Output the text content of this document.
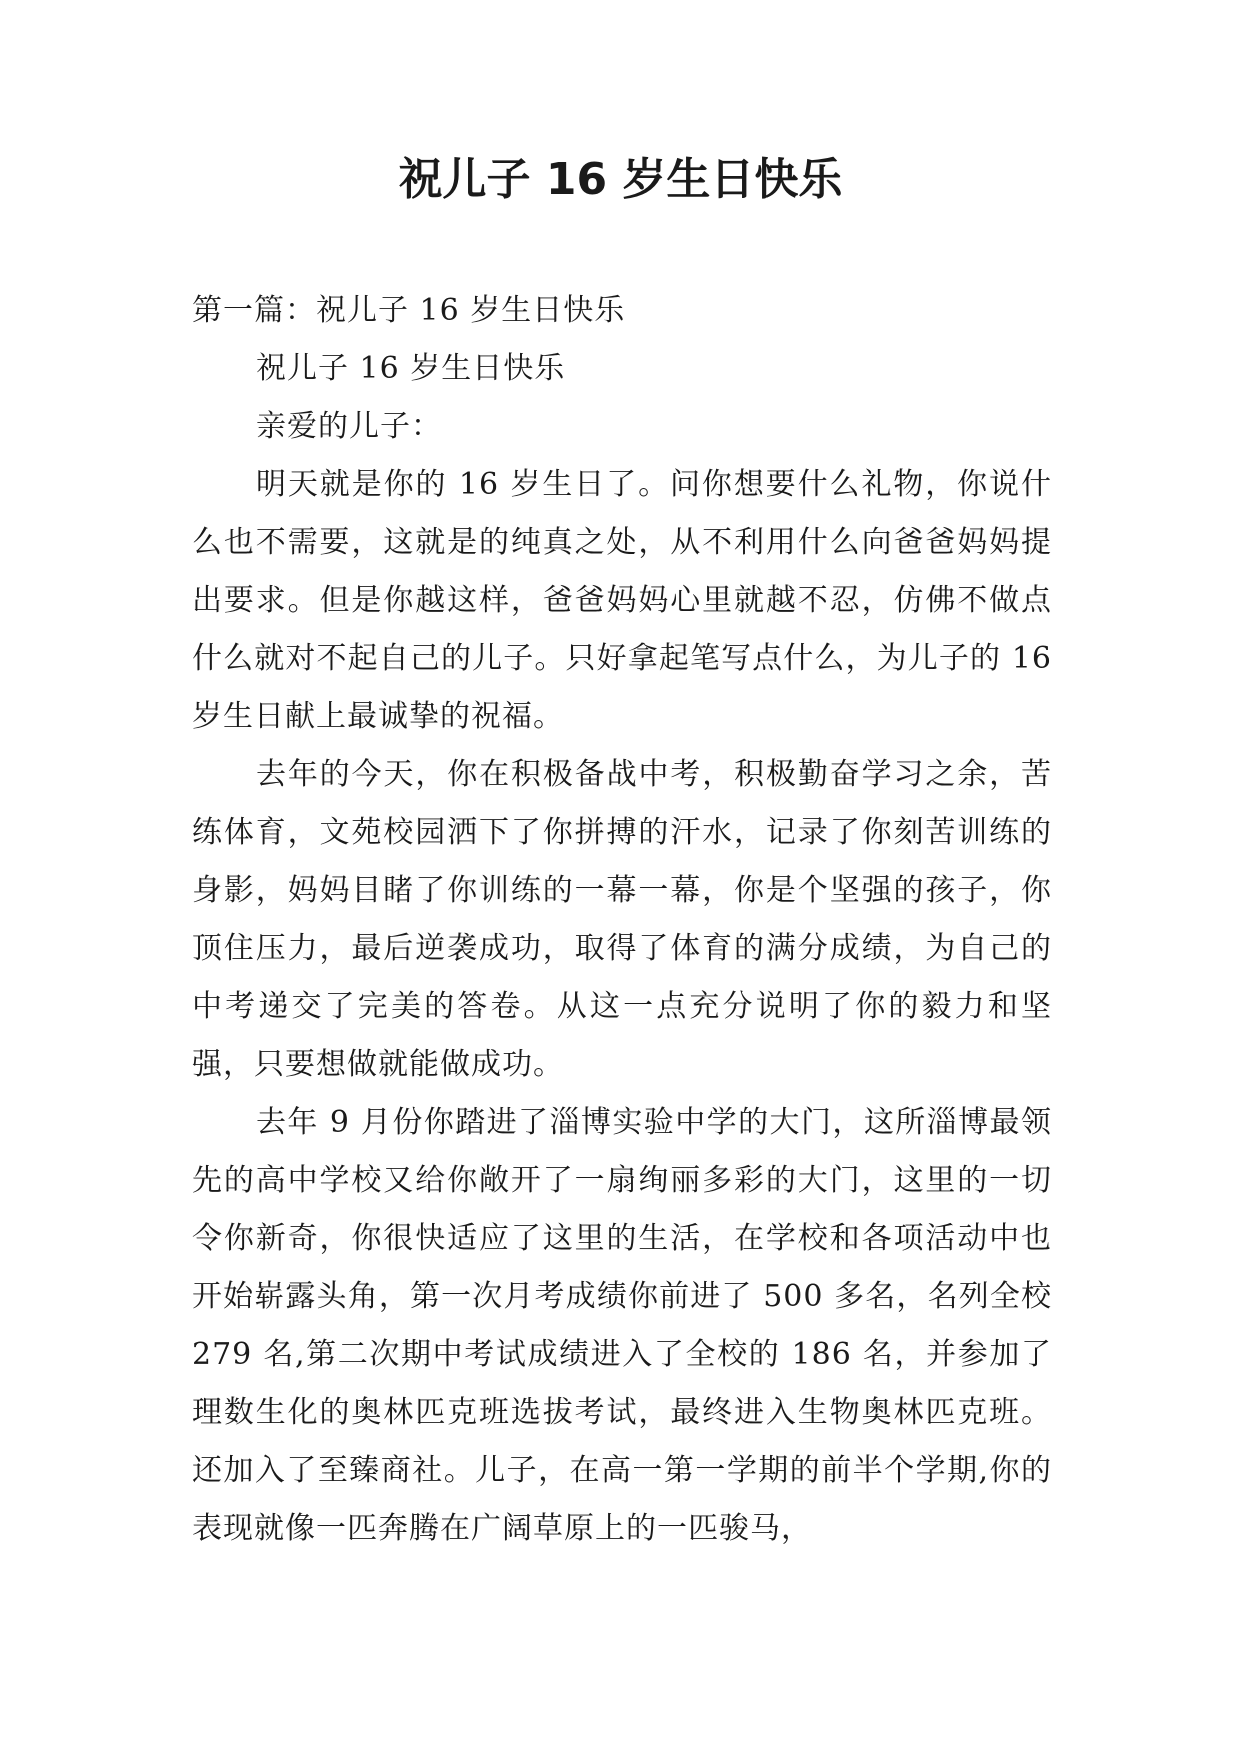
祝儿子 16 岁生日快乐

第一篇：祝儿子 16 岁生日快乐

祝儿子 16 岁生日快乐

亲爱的儿子：

明天就是你的 16 岁生日了。问你想要什么礼物，你说什么也不需要，这就是的纯真之处，从不利用什么向爸爸妈妈提出要求。但是你越这样，爸爸妈妈心里就越不忍，仿佛不做点什么就对不起自己的儿子。只好拿起笔写点什么，为儿子的 16 岁生日献上最诚挚的祝福。

去年的今天，你在积极备战中考，积极勤奋学习之余，苦练体育，文苑校园洒下了你拼搏的汗水，记录了你刻苦训练的身影，妈妈目睹了你训练的一幕一幕，你是个坚强的孩子，你顶住压力，最后逆袭成功，取得了体育的满分成绩，为自己的中考递交了完美的答卷。从这一点充分说明了你的毅力和坚强，只要想做就能做成功。

去年 9 月份你踏进了淄博实验中学的大门，这所淄博最领先的高中学校又给你敞开了一扇绚丽多彩的大门，这里的一切令你新奇，你很快适应了这里的生活，在学校和各项活动中也开始崭露头角，第一次月考成绩你前进了 500 多名，名列全校 279 名,第二次期中考试成绩进入了全校的 186 名，并参加了理数生化的奥林匹克班选拔考试，最终进入生物奥林匹克班。还加入了至臻商社。儿子，在高一第一学期的前半个学期,你的表现就像一匹奔腾在广阔草原上的一匹骏马，
